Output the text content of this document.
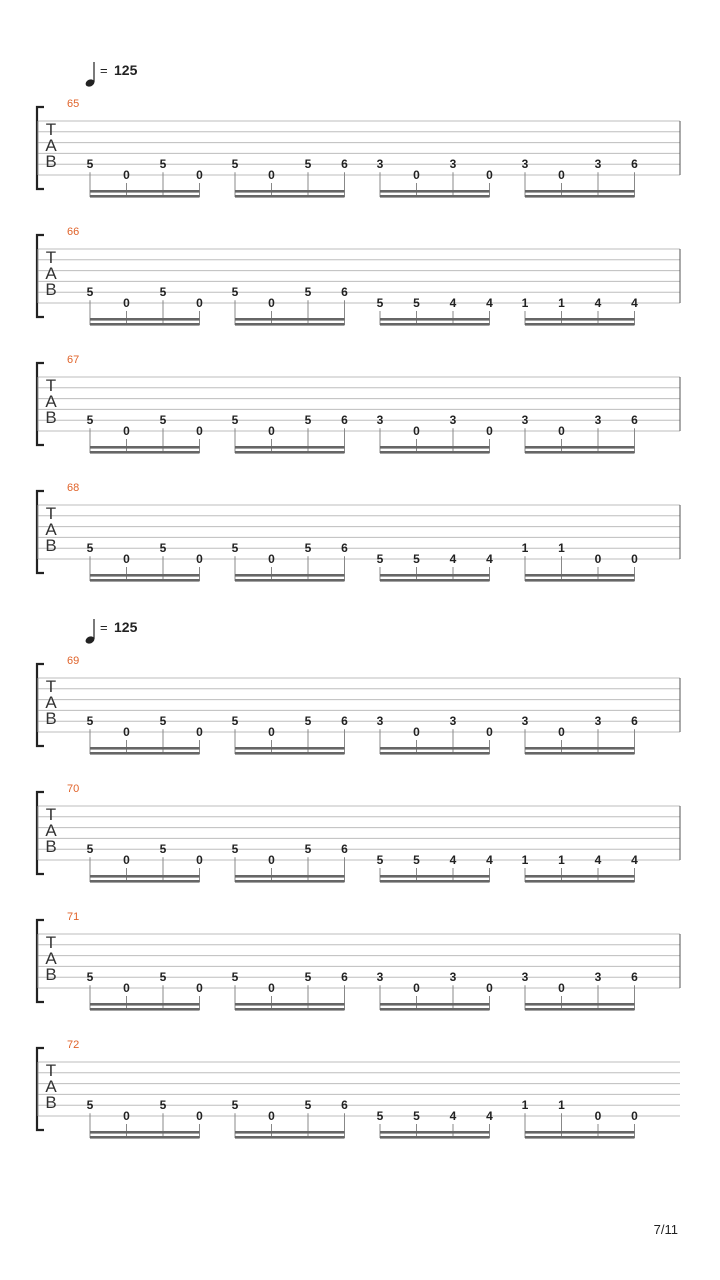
= 125
= 125
65
T
A
B 5
0
5
0
5
0
5 6 3
0
3
0
3
0
3 6
66
T
A
B 5
0
5
0
5
0
5 6
5 5 4 4 1 1 4 4
67
T
A
B 5
0
5
0
5
0
5 6 3
0
3
0
3
0
3 6
68
T
A
B 5
0
5
0
5
0
5 6
5 5 4 4
1 1
0 0
69
T
A
B 5
0
5
0
5
0
5 6 3
0
3
0
3
0
3 6
70
T
A
B 5
0
5
0
5
0
5 6
5 5 4 4 1 1 4 4
71
T
A
B 5
0
5
0
5
0
5 6 3
0
3
0
3
0
3 6
72
T
A
B 5
0
5
0
5
0
5 6
5 5 4 4
1 1
0 0
7/11
